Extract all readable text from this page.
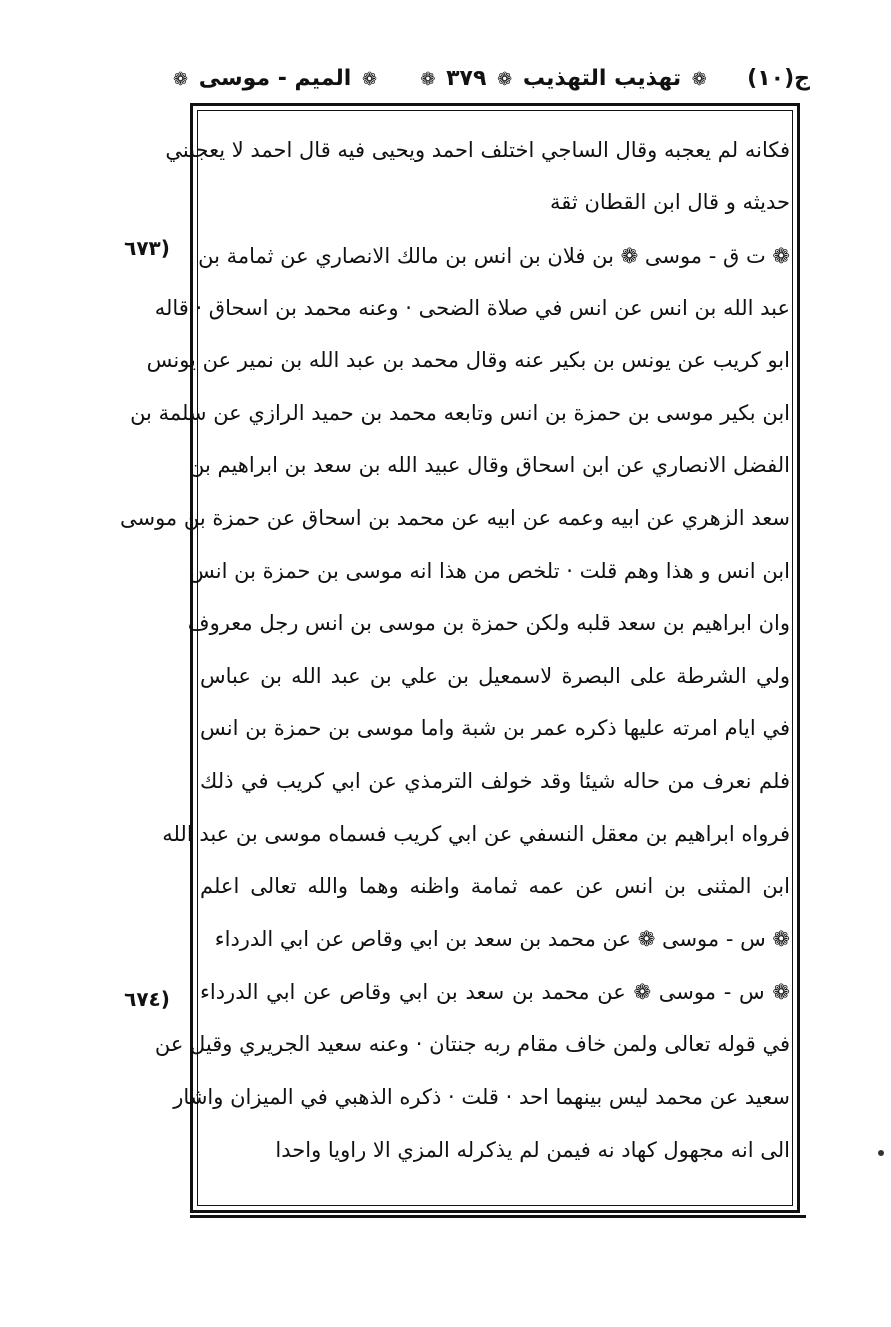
ج(١٠)
❁ تهذيب التهذيب ❁ ٣٧٩ ❁
❁ الميم - موسى ❁
(٦٧٣
(٦٧٤
فكانه لم يعجبه وقال الساجي اختلف احمد ويحيى فيه قال احمد لا يعجبني
حديثه و قال ابن القطان ثقة
❁ ت ق - موسى ❁ بن فلان بن انس بن مالك الانصاري عن ثمامة بن
عبد الله بن انس عن انس في صلاة الضحى · وعنه محمد بن اسحاق · قاله
ابو كريب عن يونس بن بكير عنه وقال محمد بن عبد الله بن نمير عن يونس
ابن بكير موسى بن حمزة بن انس وتابعه محمد بن حميد الرازي عن سلمة بن
الفضل الانصاري عن ابن اسحاق وقال عبيد الله بن سعد بن ابراهيم بن
سعد الزهري عن ابيه وعمه عن ابيه عن محمد بن اسحاق عن حمزة بن موسى
ابن انس و هذا وهم قلت · تلخص من هذا انه موسى بن حمزة بن انس
وان ابراهيم بن سعد قلبه ولكن حمزة بن موسى بن انس رجل معروف
ولي الشرطة على البصرة لاسمعيل بن علي بن عبد الله بن عباس
في ايام امرته عليها ذكره عمر بن شبة واما موسى بن حمزة بن انس
فلم نعرف من حاله شيئا وقد خولف الترمذي عن ابي كريب في ذلك
فرواه ابراهيم بن معقل النسفي عن ابي كريب فسماه موسى بن عبد الله
ابن المثنى بن انس عن عمه ثمامة واظنه وهما والله تعالى اعلم
❁ س - موسى ❁ عن محمد بن سعد بن ابي وقاص عن ابي الدرداء
❁ س - موسى ❁ عن محمد بن سعد بن ابي وقاص عن ابي الدرداء
في قوله تعالى ولمن خاف مقام ربه جنتان · وعنه سعيد الجريري وقيل عن
سعيد عن محمد ليس بينهما احد · قلت · ذكره الذهبي في الميزان واشار
الى انه مجهول كهاد نه فيمن لم يذكرله المزي الا راويا واحدا
